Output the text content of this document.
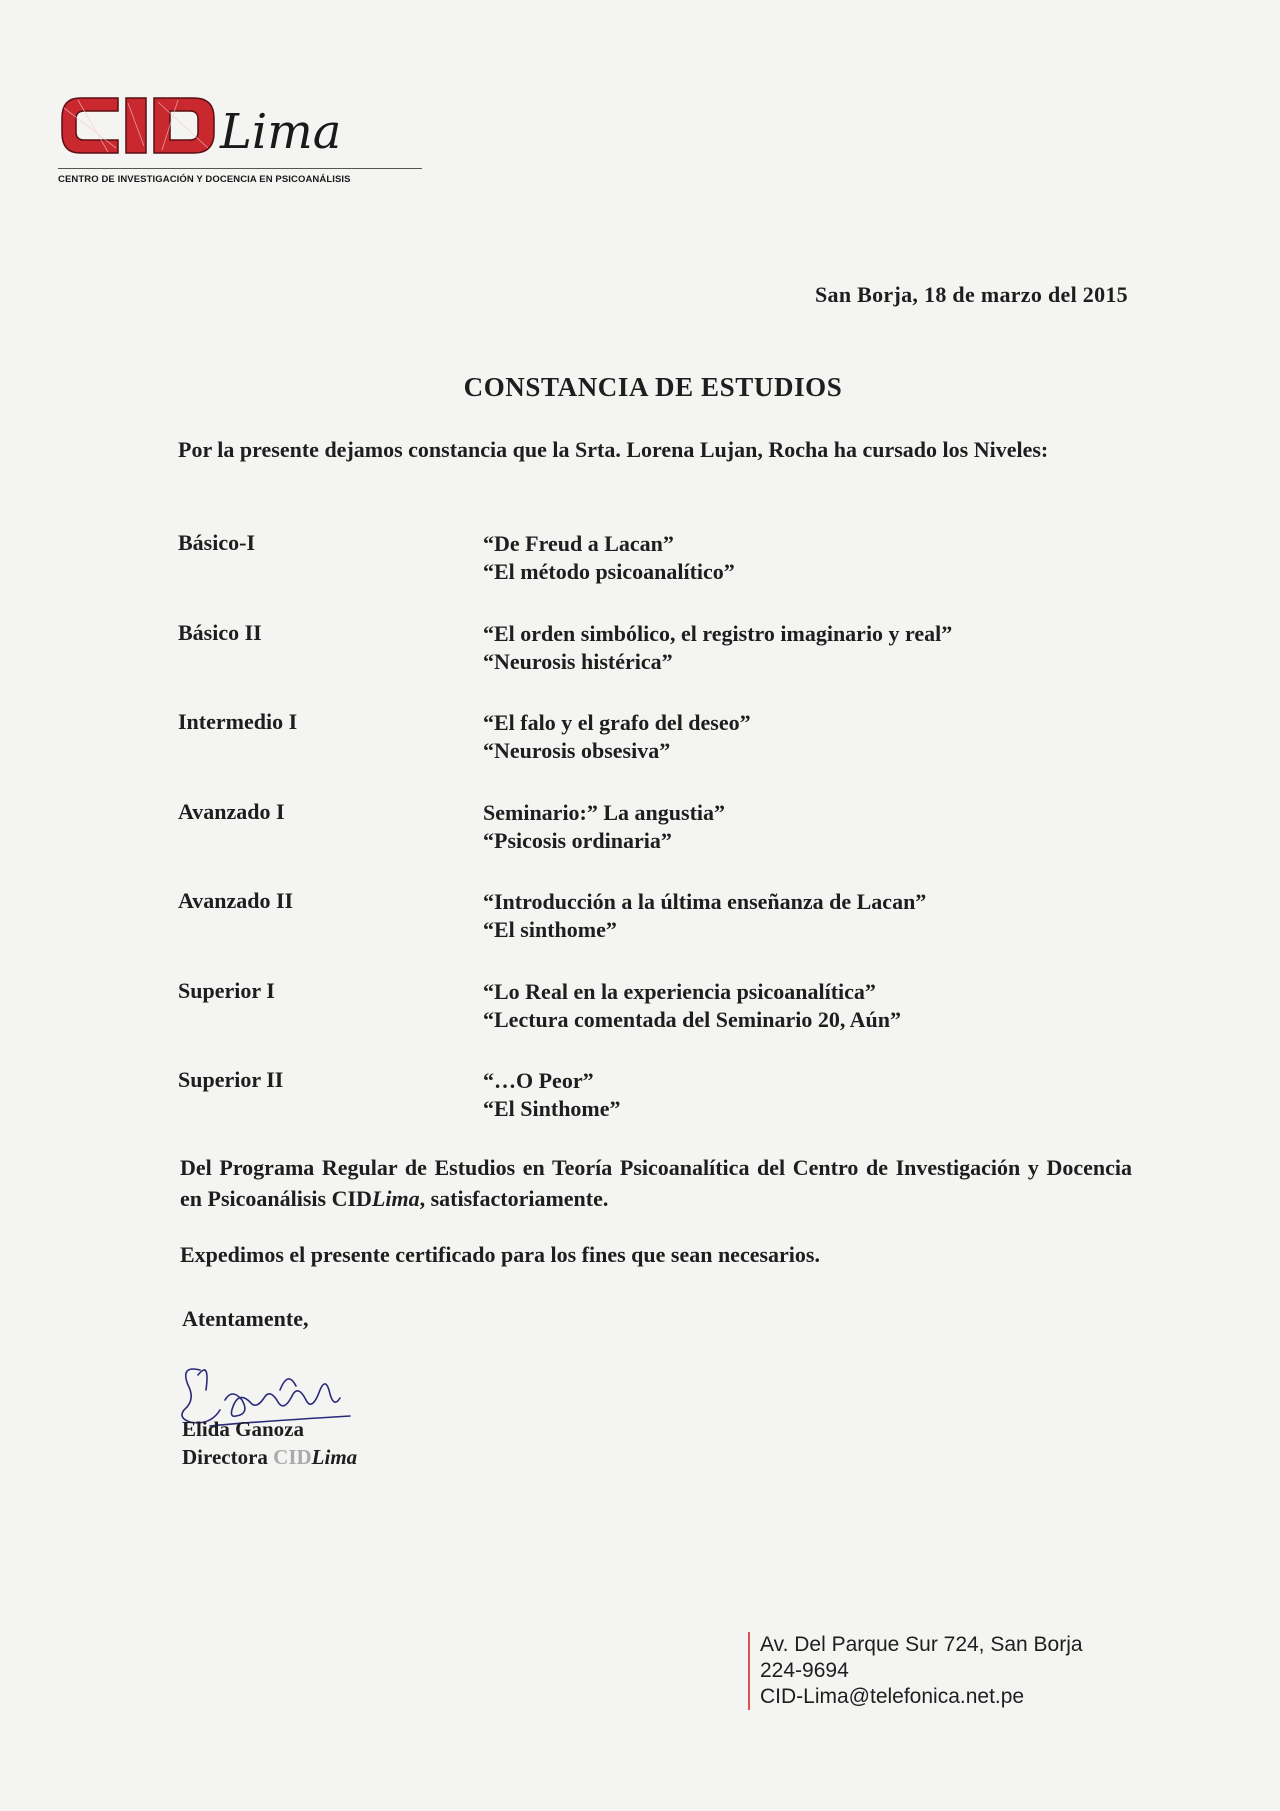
Lima
CENTRO DE INVESTIGACIÓN Y DOCENCIA EN PSICOANÁLISIS
San Borja, 18 de marzo del 2015
CONSTANCIA DE ESTUDIOS
Por la presente dejamos constancia que la Srta. Lorena Lujan, Rocha ha cursado los Niveles:
Básico-I	“De Freud a Lacan”
“El método psicoanalítico”
Básico II	“El orden simbólico, el registro imaginario y real”
“Neurosis histérica”
Intermedio I	“El falo y el grafo del deseo”
“Neurosis obsesiva”
Avanzado I	Seminario:” La angustia”
“Psicosis ordinaria”
Avanzado II	“Introducción a la última enseñanza de Lacan”
“El sinthome”
Superior I	“Lo Real en la experiencia psicoanalítica”
“Lectura comentada del Seminario 20, Aún”
Superior II	“…O Peor”
“El Sinthome”
Del Programa Regular de Estudios en Teoría Psicoanalítica del Centro de Investigación y Docencia en Psicoanálisis CIDLima, satisfactoriamente.
Expedimos el presente certificado para los fines que sean necesarios.
Atentamente,
Elida Ganoza
Directora CIDLima
Av. Del Parque Sur 724, San Borja
224-9694
CID-Lima@telefonica.net.pe
